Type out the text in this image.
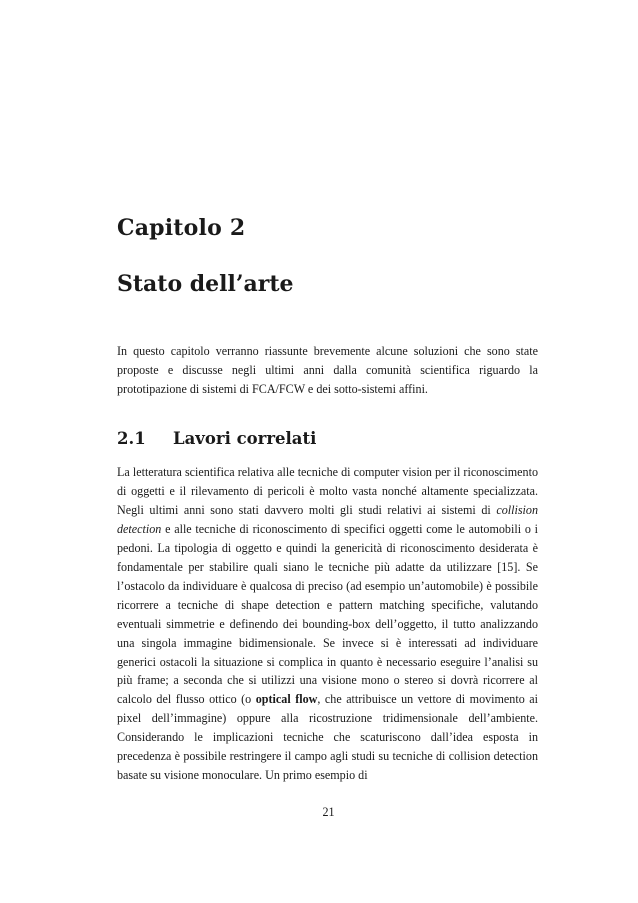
Capitolo 2
Stato dell’arte

In questo capitolo verranno riassunte brevemente alcune soluzioni che sono state proposte e discusse negli ultimi anni dalla comunità scientifica riguardo la prototipazione di sistemi di FCA/FCW e dei sotto-sistemi affini.

2.1 Lavori correlati

La letteratura scientifica relativa alle tecniche di computer vision per il riconoscimento di oggetti e il rilevamento di pericoli è molto vasta nonché altamente specializzata. Negli ultimi anni sono stati davvero molti gli studi relativi ai sistemi di collision detection e alle tecniche di riconoscimento di specifici oggetti come le automobili o i pedoni. La tipologia di oggetto e quindi la genericità di riconoscimento desiderata è fondamentale per stabilire quali siano le tecniche più adatte da utilizzare [15]. Se l’ostacolo da individuare è qualcosa di preciso (ad esempio un’automobile) è possibile ricorrere a tecniche di shape detection e pattern matching specifiche, valutando eventuali simmetrie e definendo dei bounding-box dell’oggetto, il tutto analizzando una singola immagine bidimensionale. Se invece si è interessati ad individuare generici ostacoli la situazione si complica in quanto è necessario eseguire l’analisi su più frame; a seconda che si utilizzi una visione mono o stereo si dovrà ricorrere al calcolo del flusso ottico (o optical flow, che attribuisce un vettore di movimento ai pixel dell’immagine) oppure alla ricostruzione tridimensionale dell’ambiente. Considerando le implicazioni tecniche che scaturiscono dall’idea esposta in precedenza è possibile restringere il campo agli studi su tecniche di collision detection basate su visione monoculare. Un primo esempio di

21
